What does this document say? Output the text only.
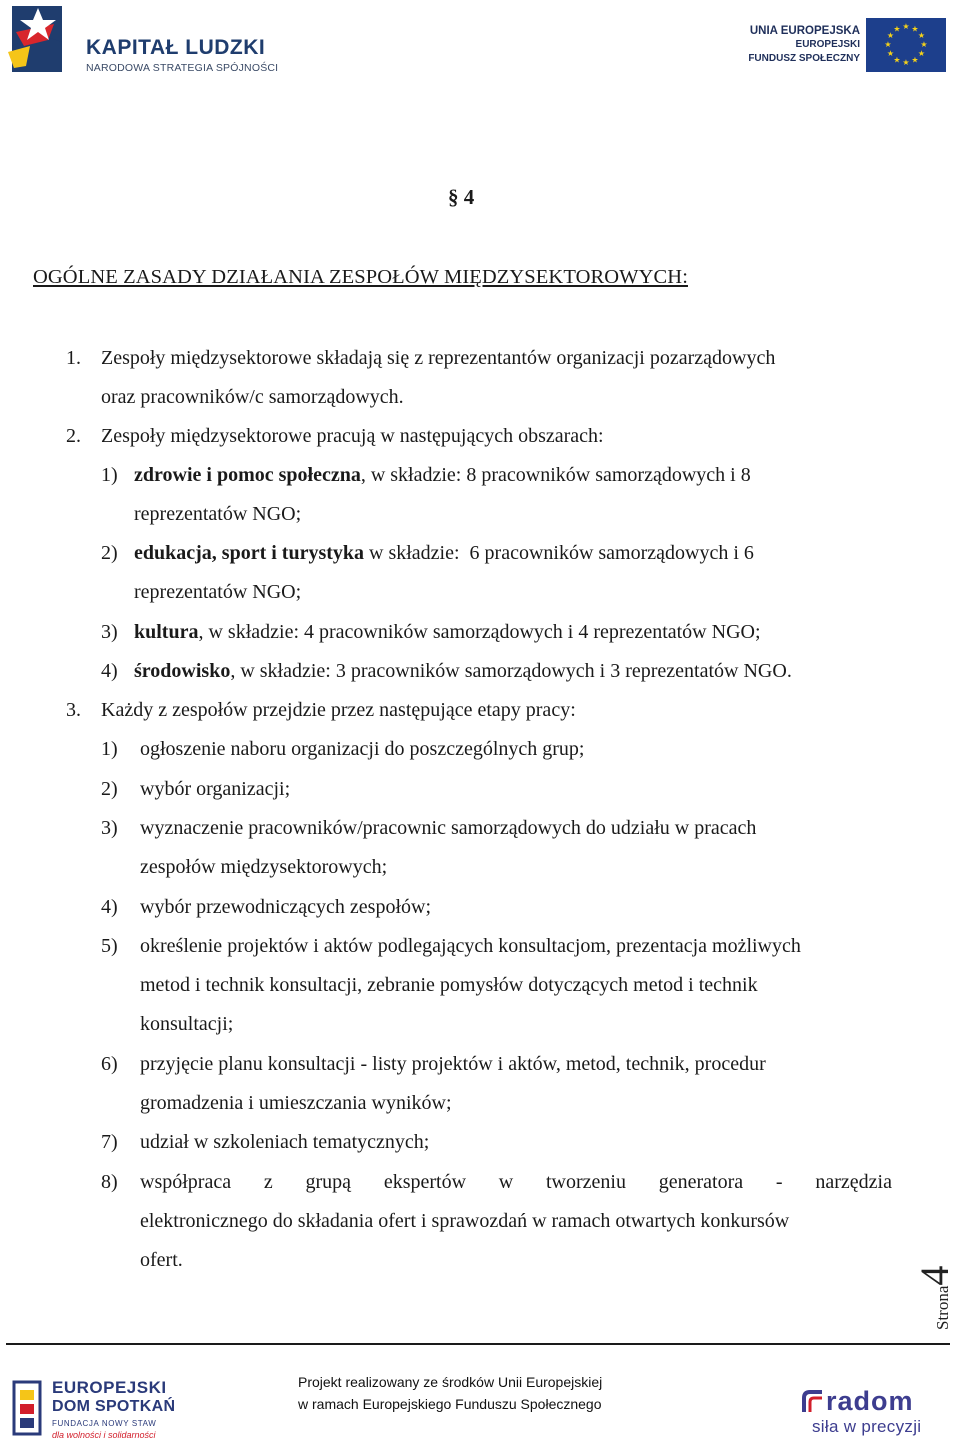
KAPITAŁ LUDZKI
NARODOWA STRATEGIA SPÓJNOŚCI
UNIA EUROPEJSKA
EUROPEJSKI
FUNDUSZ SPOŁECZNY
★ ★
★
★
★
★
★
★
★
★
★
★
§ 4
OGÓLNE ZASADY DZIAŁANIA ZESPOŁÓW MIĘDZYSEKTOROWYCH:
1. Zespoły międzysektorowe składają się z reprezentantów organizacji pozarządowych
oraz pracowników/c samorządowych.
2. Zespoły międzysektorowe pracują w następujących obszarach:
1) zdrowie i pomoc społeczna, w składzie: 8 pracowników samorządowych i 8
reprezentatów NGO;
2) edukacja, sport i turystyka w składzie:  6 pracowników samorządowych i 6
reprezentatów NGO;
3) kultura, w składzie: 4 pracowników samorządowych i 4 reprezentatów NGO;
4) środowisko, w składzie: 3 pracowników samorządowych i 3 reprezentatów NGO.
3. Każdy z zespołów przejdzie przez następujące etapy pracy:
1) ogłoszenie naboru organizacji do poszczególnych grup;
2) wybór organizacji;
3) wyznaczenie pracowników/pracownic samorządowych do udziału w pracach
zespołów międzysektorowych;
4) wybór przewodniczących zespołów;
5) określenie projektów i aktów podlegających konsultacjom, prezentacja możliwych
metod i technik konsultacji, zebranie pomysłów dotyczących metod i technik
konsultacji;
6) przyjęcie planu konsultacji - listy projektów i aktów, metod, technik, procedur
gromadzenia i umieszczania wyników;
7) udział w szkoleniach tematycznych;
8) współpraca z grupą ekspertów w tworzeniu generatora - narzędzia
elektronicznego do składania ofert i sprawozdań w ramach otwartych konkursów
ofert.
Strona4
EUROPEJSKI
DOM SPOTKAŃ
FUNDACJA NOWY STAW
dla wolności i solidarności
Projekt realizowany ze środków Unii Europejskiej
w ramach Europejskiego Funduszu Społecznego	radom
siła w precyzji
